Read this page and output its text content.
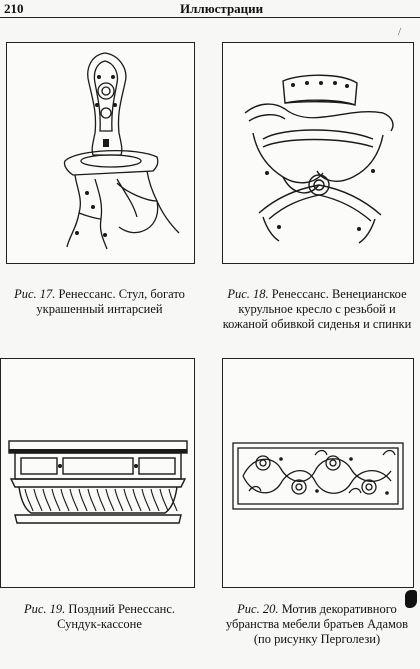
210	Иллюстрации
/
Рис. 17. Ренессанс. Стул, богато украшенный интарсией
Рис. 18. Ренессанс. Венецианское курульное кресло с резьбой и кожаной обивкой сиденья и спинки
Рис. 19. Поздний Ренессанс. Сундук-кассоне
Рис. 20. Мотив декоративного убранства мебели братьев Адамов (по рисунку Перголези)
